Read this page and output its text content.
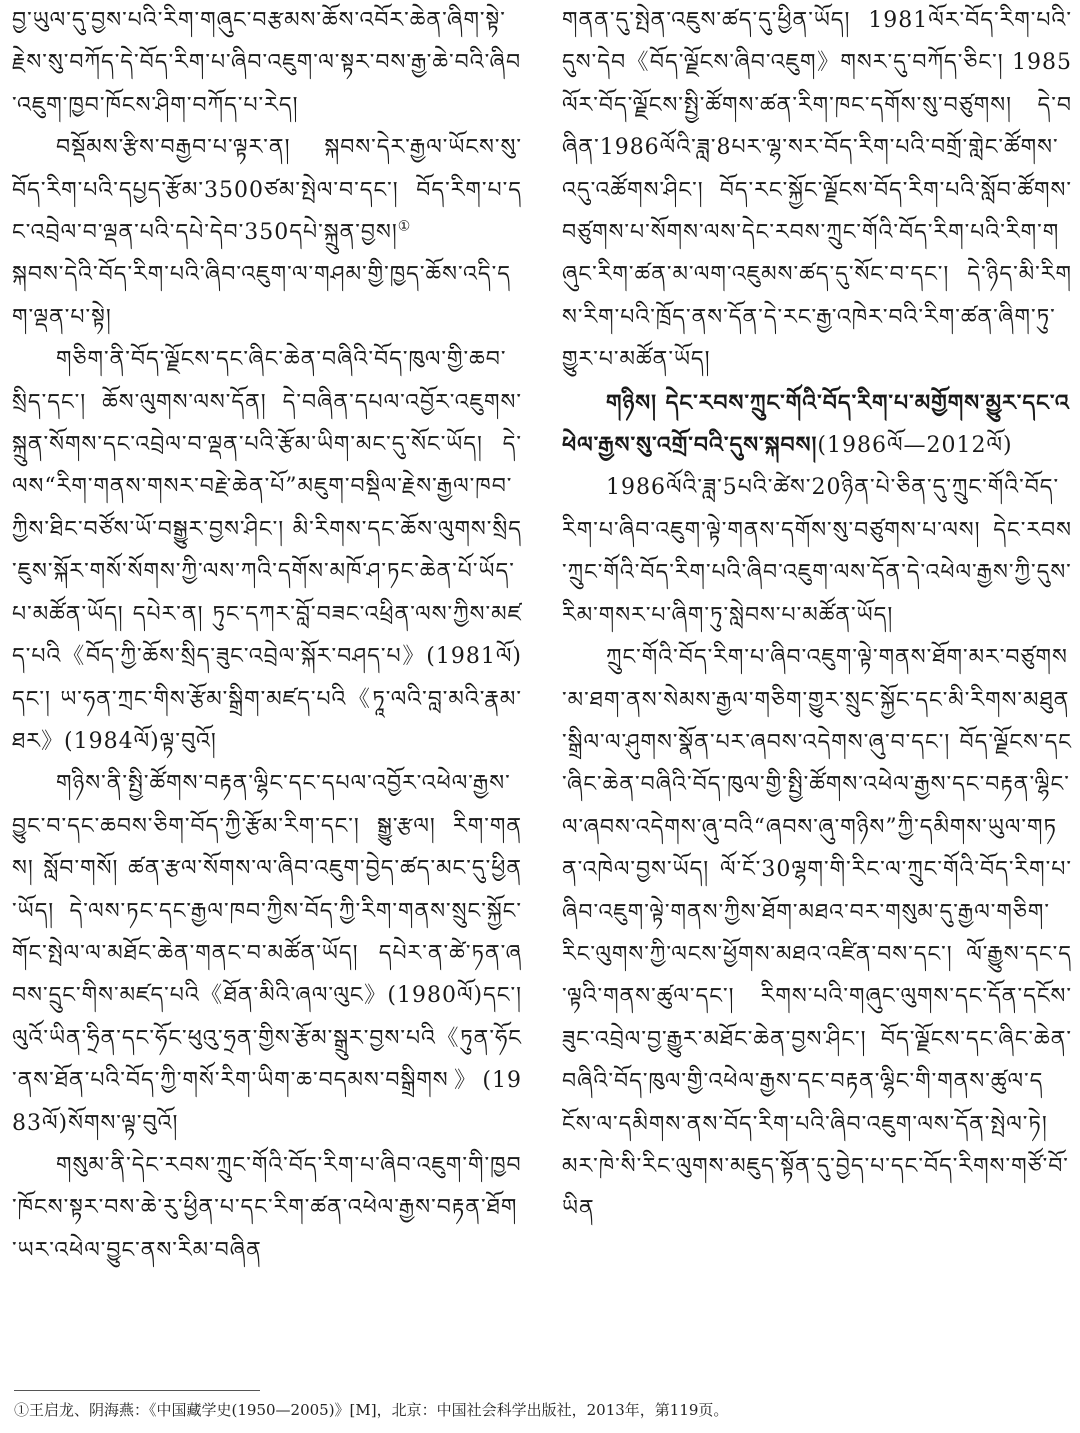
བྱ་ཡུལ་དུ་བྱས་པའི་རིག་གཞུང་བརྩམས་ཆོས་འབོར་ཆེན་ཞིག་སྟེ་རྗེས་སུ་བཀོད་དེ་བོད་རིག་པ་ཞིབ་འཇུག་ལ་སྟར་བས་རྒྱ་ཆེ་བའི་ཞིབ་འཇུག་ཁྱབ་ཁོངས་ཤིག་བཀོད་པ་རེད།

བསྡོམས་རྩིས་བརྒྱབ་པ་ལྟར་ན། སྐབས་དེར་རྒྱལ་ཡོངས་སུ་བོད་རིག་པའི་དཔྱད་རྩོམ་3500ཙམ་སྤེལ་བ་དང་། བོད་རིག་པ་དང་འབྲེལ་བ་ལྡན་པའི་དཔེ་དེབ་350དཔེ་སྐྲུན་བྱས།①

སྐབས་དེའི་བོད་རིག་པའི་ཞིབ་འཇུག་ལ་གཤམ་གྱི་ཁྱད་ཆོས་འདི་དག་ལྡན་པ་སྟེ།

གཅིག་ནི་བོད་ལྗོངས་དང་ཞིང་ཆེན་བཞིའི་བོད་ཁུལ་གྱི་ཆབ་སྲིད་དང་། ཆོས་ལུགས་ལས་དོན། དེ་བཞིན་དཔལ་འབྱོར་འཇུགས་སྐྲུན་སོགས་དང་འབྲེལ་བ་ལྡན་པའི་རྩོམ་ཡིག་མང་དུ་སོང་ཡོད། དེ་ལས“རིག་གནས་གསར་བརྗེ་ཆེན་པོ”མཇུག་བསྡིལ་རྗེས་རྒྱལ་ཁབ་ཀྱིས་ཐིང་བཙོས་ཡོ་བསྒྱུར་བྱས་ཤིང་། མི་རིགས་དང་ཆོས་ལུགས་སྲིད་ཇུས་སྐོར་གསོ་སོགས་ཀྱི་ལས་ཀའི་དགོས་མཁོ་ཤ་ཏང་ཆེན་པོ་ཡོད་པ་མཚོན་ཡོད། དཔེར་ན། ཏུང་དཀར་བློ་བཟང་འཕྲིན་ལས་ཀྱིས་མཛད་པའི《བོད་ཀྱི་ཆོས་སྲིད་ཟུང་འབྲེལ་སྐོར་བཤད་པ》(1981ལོ)དང་། ཡ་ཧན་ཀྲང་གིས་རྩོམ་སྒྲིག་མཛད་པའི《ཏཱ་ལའི་བླ་མའི་རྣམ་ཐར》(1984ལོ)ལྟ་བུའོ།

གཉིས་ནི་སྤྱི་ཚོགས་བརྟན་ལྷིང་དང་དཔལ་འབྱོར་འཕེལ་རྒྱས་བྱུང་བ་དང་ཆབས་ཅིག་བོད་ཀྱི་རྩོམ་རིག་དང་། སྒྱུ་རྩལ། རིག་གནས། སློབ་གསོ། ཚན་རྩལ་སོགས་ལ་ཞིབ་འཇུག་བྱེད་ཚད་མང་དུ་ཕྱིན་ཡོད། དེ་ལས་ཏང་དང་རྒྱལ་ཁབ་ཀྱིས་བོད་ཀྱི་རིག་གནས་སྲུང་སྐྱོང་གོང་སྤེལ་ལ་མཐོང་ཆེན་གནང་བ་མཚོན་ཡོད། དཔེར་ན་ཚེ་ཏན་ཞབས་དྲུང་གིས་མཛད་པའི《ཐོན་མིའི་ཞལ་ལུང》(1980ལོ)དང་། ལུའོ་ཡིན་ཧྲིན་དང་ཧོང་ཕུའུ་ཧྲན་གྱིས་རྩོམ་སྒྲུར་བྱས་པའི《ཏུན་ཧོང་ནས་ཐོན་པའི་བོད་ཀྱི་གསོ་རིག་ཡིག་ཆ་བདམས་བསྒྲིགས》(1983ལོ)སོགས་ལྟ་བུའོ།

གསུམ་ནི་དེང་རབས་ཀྲུང་གོའི་བོད་རིག་པ་ཞིབ་འཇུག་གི་ཁྱབ་ཁོངས་སྟར་བས་ཆེ་རུ་ཕྱིན་པ་དང་རིག་ཚན་འཕེལ་རྒྱས་བརྟན་ཐོག་ཡར་འཕེལ་བྱུང་ནས་རིམ་བཞིན

གནན་དུ་སྤེན་འཇུས་ཚད་དུ་ཕྱིན་ཡོད། 1981ལོར་བོད་རིག་པའི་དུས་དེབ《བོད་ལྗོངས་ཞིབ་འཇུག》གསར་དུ་བཀོད་ཅིང་། 1985ལོར་བོད་ལྗོངས་སྤྱི་ཚོགས་ཚན་རིག་ཁང་དགོས་སུ་བཙུགས། དེ་བཞིན་1986ལོའི་ཟླ་8པར་ལྷ་སར་བོད་རིག་པའི་བགྲོ་གླེང་ཚོགས་འདུ་འཚོགས་ཤིང་། བོད་རང་སྐྱོང་ལྗོངས་བོད་རིག་པའི་སློབ་ཚོགས་བཙུགས་པ་སོགས་ལས་དེང་རབས་ཀྲུང་གོའི་བོད་རིག་པའི་རིག་གཞུང་རིག་ཚན་མ་ལག་འཇུམས་ཚད་དུ་སོང་བ་དང་། དེ་ཉིད་མི་རིགས་རིག་པའི་ཁྲོད་ནས་དོན་དེ་རང་རྒྱ་འཁེར་བའི་རིག་ཚན་ཞིག་ཏུ་གྱུར་པ་མཚོན་ཡོད།

གཉིས། དེང་རབས་ཀྲུང་གོའི་བོད་རིག་པ་མགྱོགས་མྱུར་དང་འཕེལ་རྒྱས་སུ་འགྲོ་བའི་དུས་སྐབས།(1986ལོ—2012ལོ)

1986ལོའི་ཟླ་5པའི་ཚེས་20ཉིན་པེ་ཅིན་དུ་ཀྲུང་གོའི་བོད་རིག་པ་ཞིབ་འཇུག་ལྟེ་གནས་དགོས་སུ་བཙུགས་པ་ལས། དེང་རབས་ཀྲུང་གོའི་བོད་རིག་པའི་ཞིབ་འཇུག་ལས་དོན་དེ་འཕེལ་རྒྱས་ཀྱི་དུས་རིམ་གསར་པ་ཞིག་ཏུ་སླེབས་པ་མཚོན་ཡོད།

ཀྲུང་གོའི་བོད་རིག་པ་ཞིབ་འཇུག་ལྟེ་གནས་ཐོག་མར་བཙུགས་མ་ཐག་ནས་སེམས་རྒྱལ་གཅིག་གྱུར་སྲུང་སྐྱོང་དང་མི་རིགས་མཐུན་སྒྲིལ་ལ་ཤུགས་སྣོན་པར་ཞབས་འདེགས་ཞུ་བ་དང་། བོད་ལྗོངས་དང་ཞིང་ཆེན་བཞིའི་བོད་ཁུལ་གྱི་སྤྱི་ཚོགས་འཕེལ་རྒྱས་དང་བརྟན་ལྷིང་ལ་ཞབས་འདེགས་ཞུ་བའི“ཞབས་ཞུ་གཉིས”ཀྱི་དམིགས་ཡུལ་གཏན་འཁེལ་བྱས་ཡོད། ལོ་ངོ་30ལྷག་གི་རིང་ལ་ཀྲུང་གོའི་བོད་རིག་པ་ཞིབ་འཇུག་ལྟེ་གནས་ཀྱིས་ཐོག་མཐའ་བར་གསུམ་དུ་རྒྱལ་གཅིག་རིང་ལུགས་ཀྱི་ལངས་ཕྱོགས་མཐའ་འཛིན་བས་དང་། ལོ་རྒྱུས་དང་ད་ལྟའི་གནས་ཚུལ་དང་། རིགས་པའི་གཞུང་ལུགས་དང་དོན་དངོས་ཟུང་འབྲེལ་བྱ་རྒྱུར་མཐོང་ཆེན་བྱས་ཤིང་། བོད་ལྗོངས་དང་ཞིང་ཆེན་བཞིའི་བོད་ཁུལ་གྱི་འཕེལ་རྒྱས་དང་བརྟན་ལྷིང་གི་གནས་ཚུལ་དངོས་ལ་དམིགས་ནས་བོད་རིག་པའི་ཞིབ་འཇུག་ལས་དོན་སྤེལ་ཏེ། མར་ཁེ་སི་རིང་ལུགས་མཇུད་སྟོན་དུ་བྱེད་པ་དང་བོད་རིགས་གཙོ་བོ་ཡིན

①王启龙、阴海燕：《中国藏学史(1950—2005)》[M]，北京：中国社会科学出版社，2013年，第119页。
